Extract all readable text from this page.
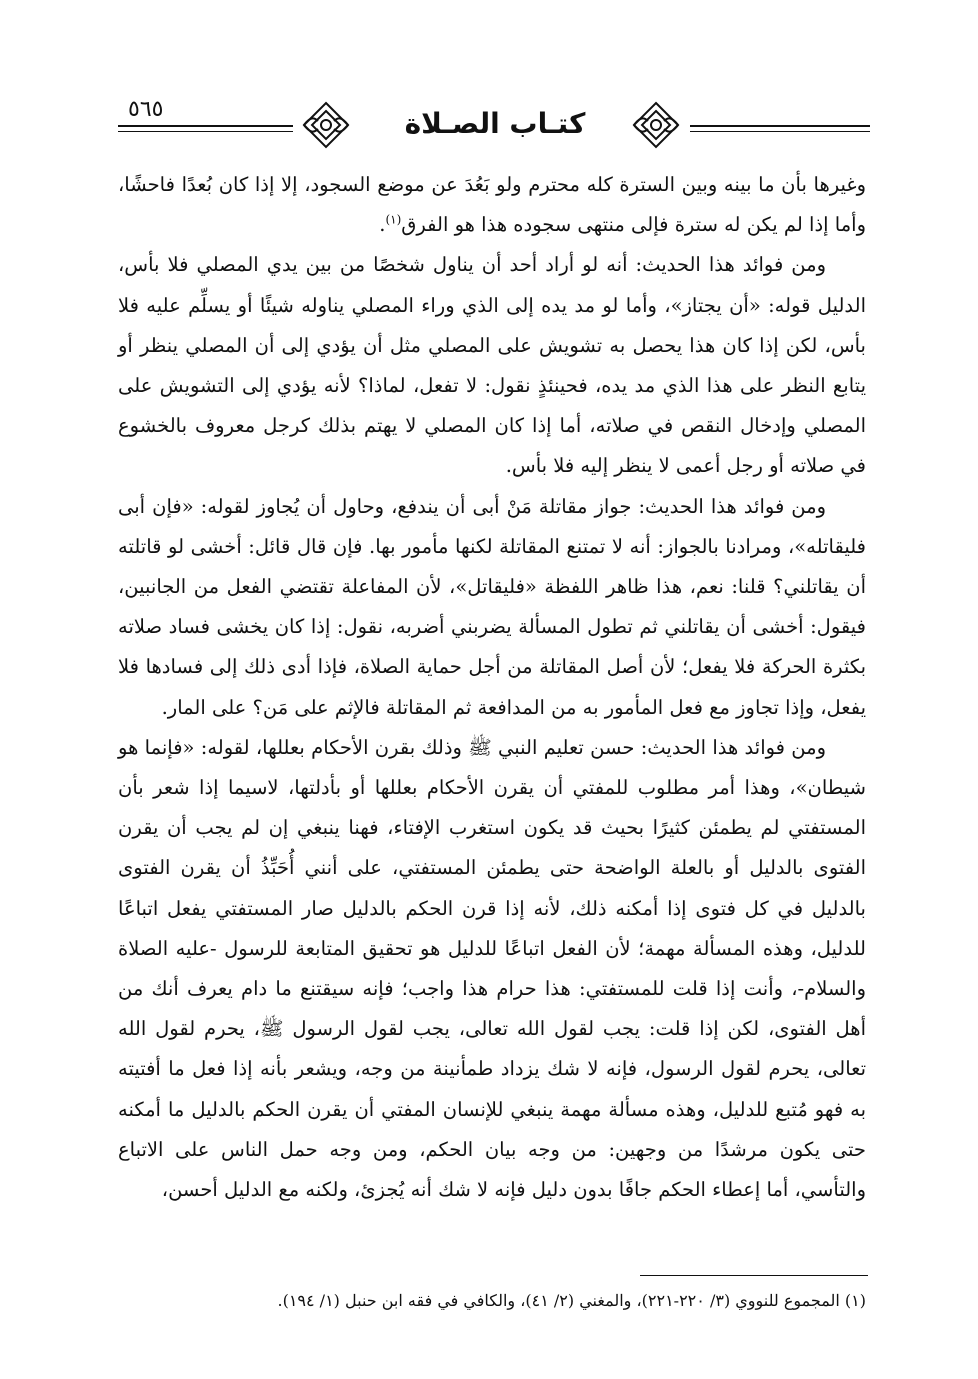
٥٦٥	كتـاب الصـلاة

وغيرها بأن ما بينه وبين السترة كله محترم ولو بَعُدَ عن موضع السجود، إلا إذا كان بُعدًا فاحشًا، وأما إذا لم يكن له سترة فإلى منتهى سجوده هذا هو الفرق$^{(١)}$.

ومن فوائد هذا الحديث: أنه لو أراد أحد أن يناول شخصًا من بين يدي المصلي فلا بأس، الدليل قوله: «أن يجتاز»، وأما لو مد يده إلى الذي وراء المصلي يناوله شيئًا أو يسلِّم عليه فلا بأس، لكن إذا كان هذا يحصل به تشويش على المصلي مثل أن يؤدي إلى أن المصلي ينظر أو يتابع النظر على هذا الذي مد يده، فحينئذٍ نقول: لا تفعل، لماذا؟ لأنه يؤدي إلى التشويش على المصلي وإدخال النقص في صلاته، أما إذا كان المصلي لا يهتم بذلك كرجل معروف بالخشوع في صلاته أو رجل أعمى لا ينظر إليه فلا بأس.

ومن فوائد هذا الحديث: جواز مقاتلة مَنْ أبى أن يندفع، وحاول أن يُجاوز لقوله: «فإن أبى فليقاتله»، ومرادنا بالجواز: أنه لا تمتنع المقاتلة لكنها مأمور بها. فإن قال قائل: أخشى لو قاتلته أن يقاتلني؟ قلنا: نعم، هذا ظاهر اللفظة «فليقاتل»، لأن المفاعلة تقتضي الفعل من الجانبين، فيقول: أخشى أن يقاتلني ثم تطول المسألة يضربني أضربه، نقول: إذا كان يخشى فساد صلاته بكثرة الحركة فلا يفعل؛ لأن أصل المقاتلة من أجل حماية الصلاة، فإذا أدى ذلك إلى فسادها فلا يفعل، وإذا تجاوز مع فعل المأمور به من المدافعة ثم المقاتلة فالإثم على مَن؟ على المار.

ومن فوائد هذا الحديث: حسن تعليم النبي ﷺ وذلك بقرن الأحكام بعللها، لقوله: «فإنما هو شيطان»، وهذا أمر مطلوب للمفتي أن يقرن الأحكام بعللها أو بأدلتها، لاسيما إذا شعر بأن المستفتي لم يطمئن كثيرًا بحيث قد يكون استغرب الإفتاء، فهنا ينبغي إن لم يجب أن يقرن الفتوى بالدليل أو بالعلة الواضحة حتى يطمئن المستفتي، على أنني أُحَبِّذُ أن يقرن الفتوى بالدليل في كل فتوى إذا أمكنه ذلك، لأنه إذا قرن الحكم بالدليل صار المستفتي يفعل اتباعًا للدليل، وهذه المسألة مهمة؛ لأن الفعل اتباعًا للدليل هو تحقيق المتابعة للرسول -عليه الصلاة والسلام-، وأنت إذا قلت للمستفتي: هذا حرام هذا واجب؛ فإنه سيقتنع ما دام يعرف أنك من أهل الفتوى، لكن إذا قلت: يجب لقول الله تعالى، يجب لقول الرسول ﷺ، يحرم لقول الله تعالى، يحرم لقول الرسول، فإنه لا شك يزداد طمأنينة من وجه، ويشعر بأنه إذا فعل ما أفتيته به فهو مُتبع للدليل، وهذه مسألة مهمة ينبغي للإنسان المفتي أن يقرن الحكم بالدليل ما أمكنه حتى يكون مرشدًا من وجهين: من وجه بيان الحكم، ومن وجه حمل الناس على الاتباع والتأسي، أما إعطاء الحكم جافًا بدون دليل فإنه لا شك أنه يُجزئ، ولكنه مع الدليل أحسن،

(١) المجموع للنووي (٣/ ٢٢٠-٢٢١)، والمغني (٢/ ٤١)، والكافي في فقه ابن حنبل (١/ ١٩٤).
